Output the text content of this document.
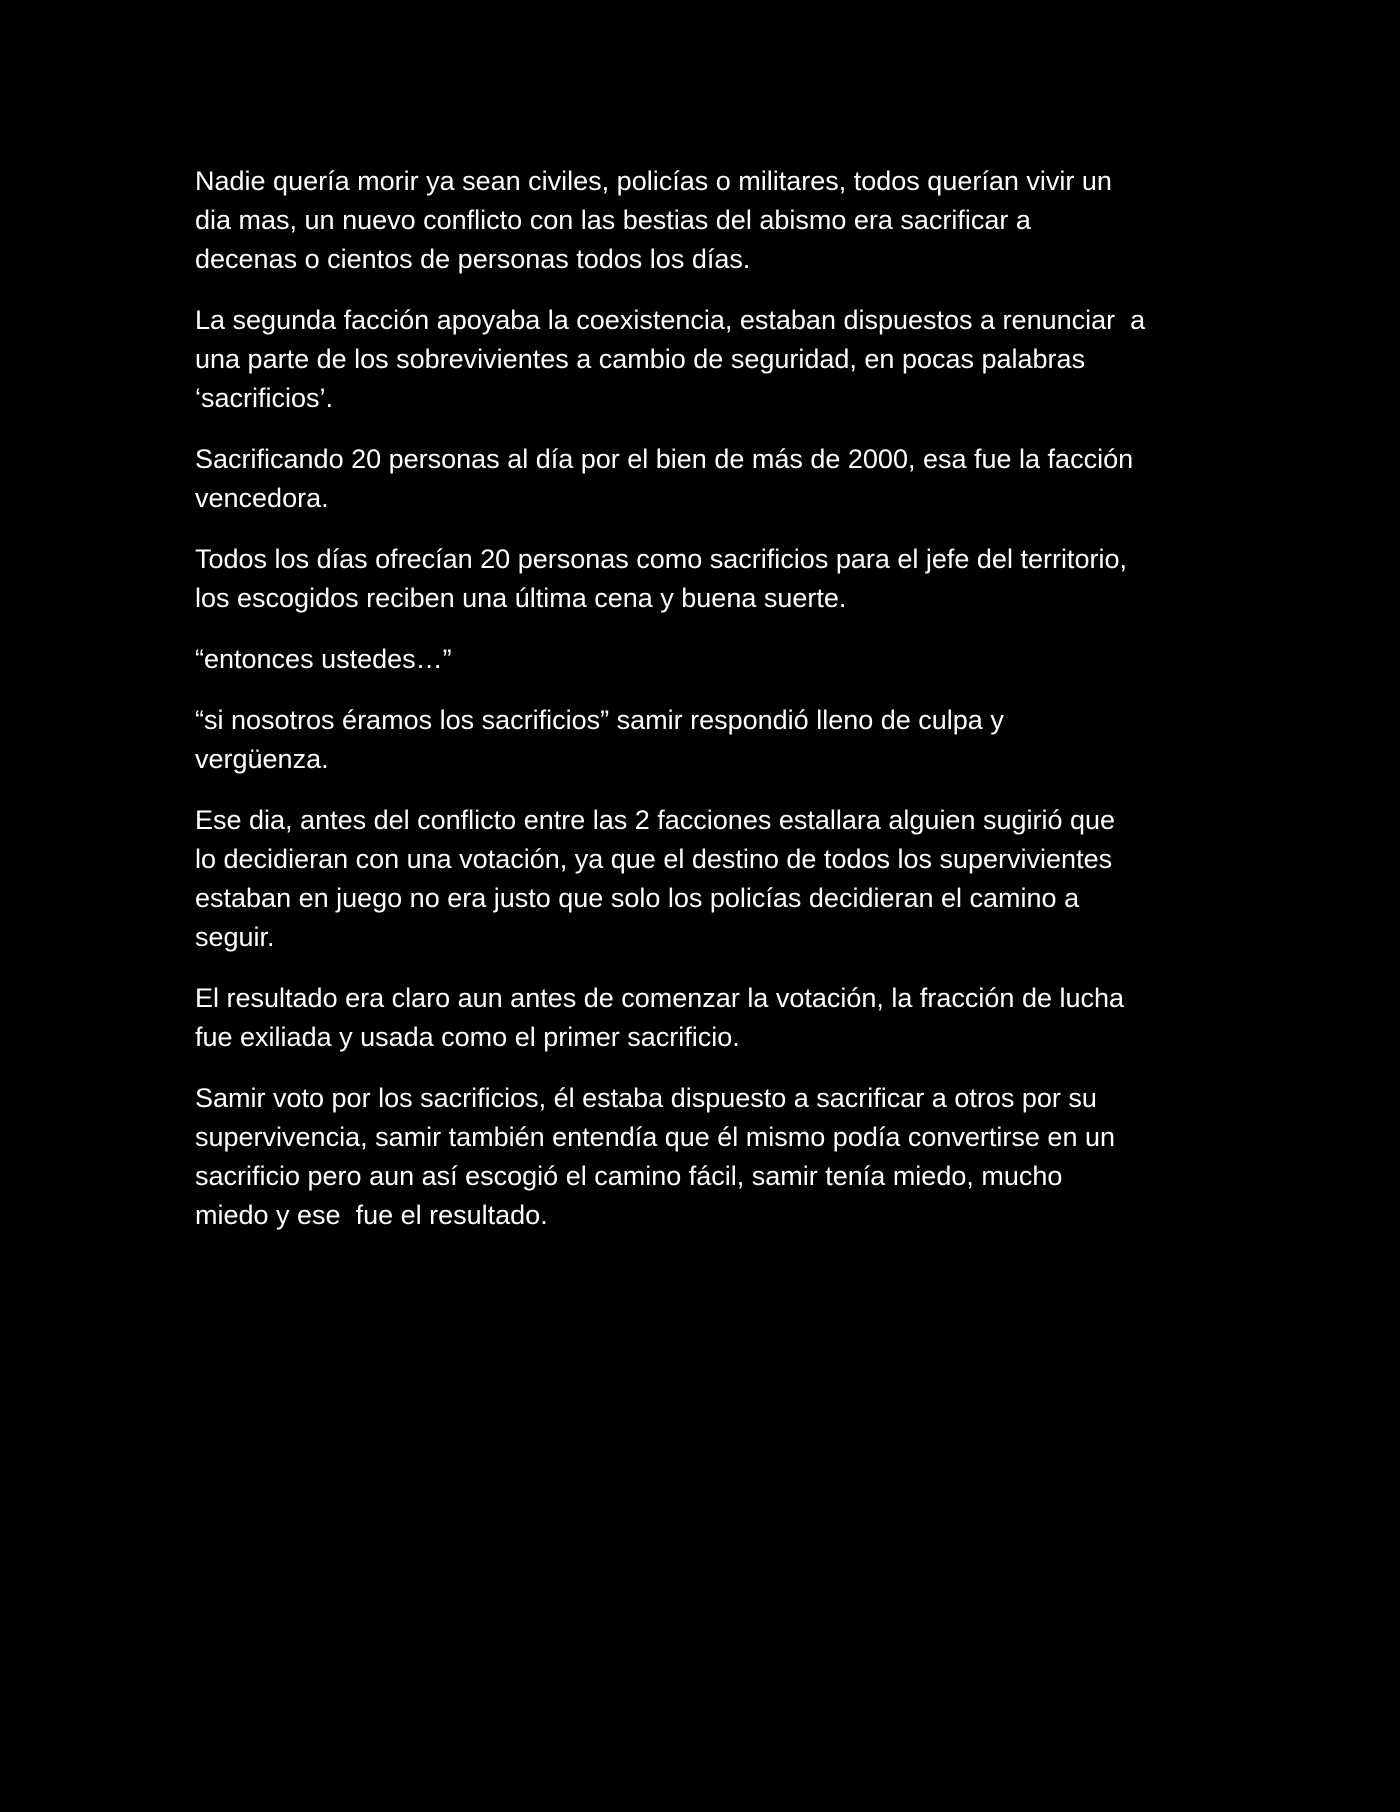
Nadie quería morir ya sean civiles, policías o militares, todos querían vivir un
dia mas, un nuevo conflicto con las bestias del abismo era sacrificar a
decenas o cientos de personas todos los días.

La segunda facción apoyaba la coexistencia, estaban dispuestos a renunciar  a
una parte de los sobrevivientes a cambio de seguridad, en pocas palabras
‘sacrificios’.

Sacrificando 20 personas al día por el bien de más de 2000, esa fue la facción
vencedora.

Todos los días ofrecían 20 personas como sacrificios para el jefe del territorio,
los escogidos reciben una última cena y buena suerte.

“entonces ustedes…”

“si nosotros éramos los sacrificios” samir respondió lleno de culpa y
vergüenza.

Ese dia, antes del conflicto entre las 2 facciones estallara alguien sugirió que
lo decidieran con una votación, ya que el destino de todos los supervivientes
estaban en juego no era justo que solo los policías decidieran el camino a
seguir.

El resultado era claro aun antes de comenzar la votación, la fracción de lucha
fue exiliada y usada como el primer sacrificio.

Samir voto por los sacrificios, él estaba dispuesto a sacrificar a otros por su
supervivencia, samir también entendía que él mismo podía convertirse en un
sacrificio pero aun así escogió el camino fácil, samir tenía miedo, mucho
miedo y ese  fue el resultado.
